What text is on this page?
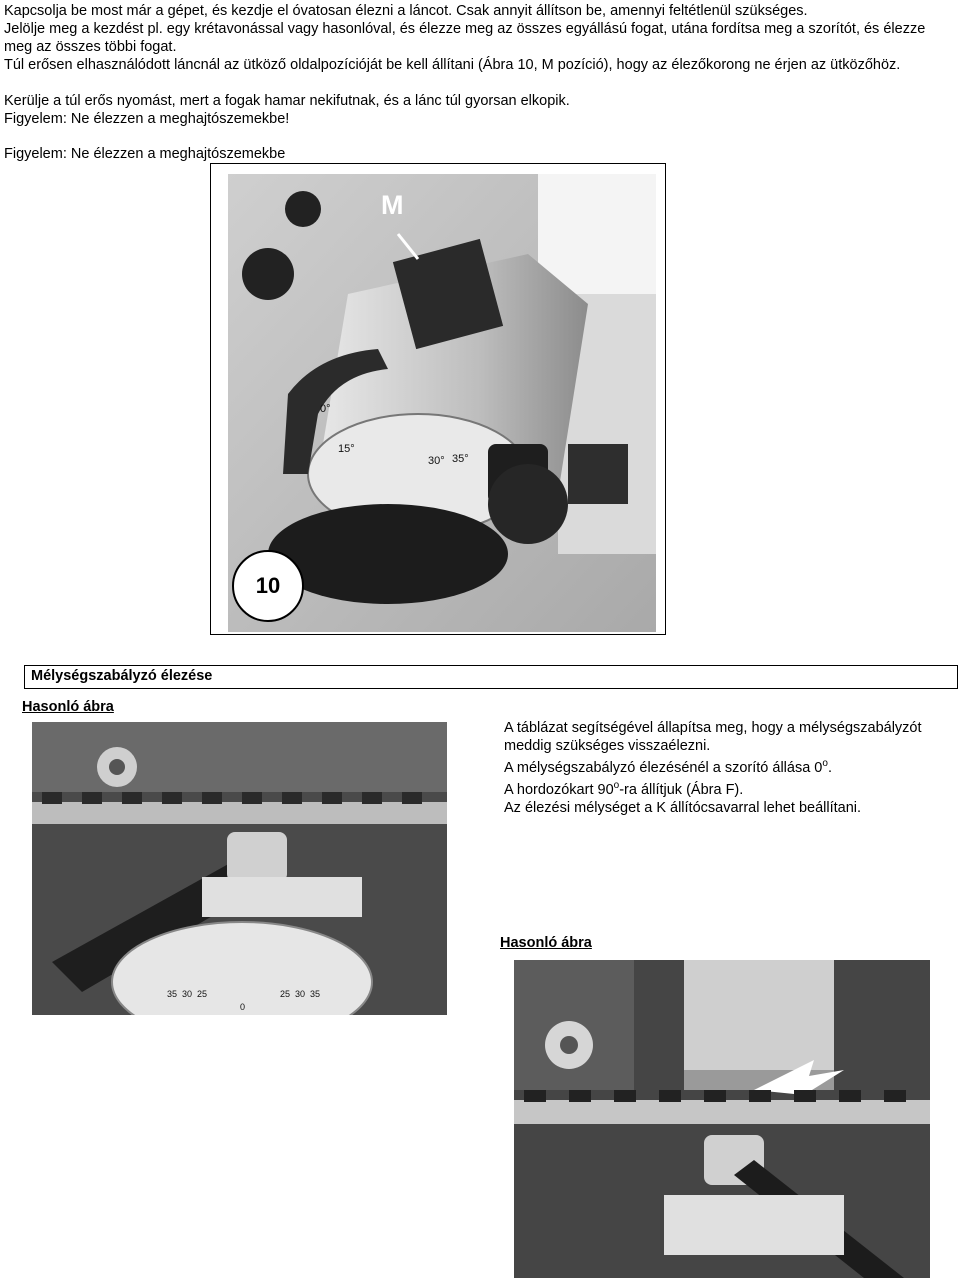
Kapcsolja be most már a gépet, és kezdje el óvatosan élezni a láncot. Csak annyit állítson be, amennyi feltétlenül szükséges.

Jelölje meg a kezdést pl. egy krétavonással vagy hasonlóval, és élezze meg az összes egyállású fogat, utána fordítsa meg a szorítót, és élezze meg az összes többi fogat.

Túl erősen elhasználódott láncnál az ütköző oldalpozícióját be kell állítani (Ábra 10, M pozíció), hogy az élezőkorong ne érjen az ütközőhöz.

Kerülje a túl erős nyomást, mert a fogak hamar nekifutnak, és a lánc túl gyorsan elkopik.

Figyelem: Ne élezzen a meghajtószemekbe!

Figyelem: Ne élezzen a meghajtószemekbe

0°
15°
30° 35°
M
10
Mélységszabályzó élezése
Hasonló ábra
35 30 25
0
25 30 35

A táblázat segítségével állapítsa meg, hogy a mélységszabályzót meddig szükséges visszaélezni.

A mélységszabályzó élezésénél a szorító állása 0$^o$.

A hordozókart 90$^o$-ra állítjuk (Ábra F).

Az élezési mélységet a K állítócsavarral lehet beállítani.

Hasonló ábra
